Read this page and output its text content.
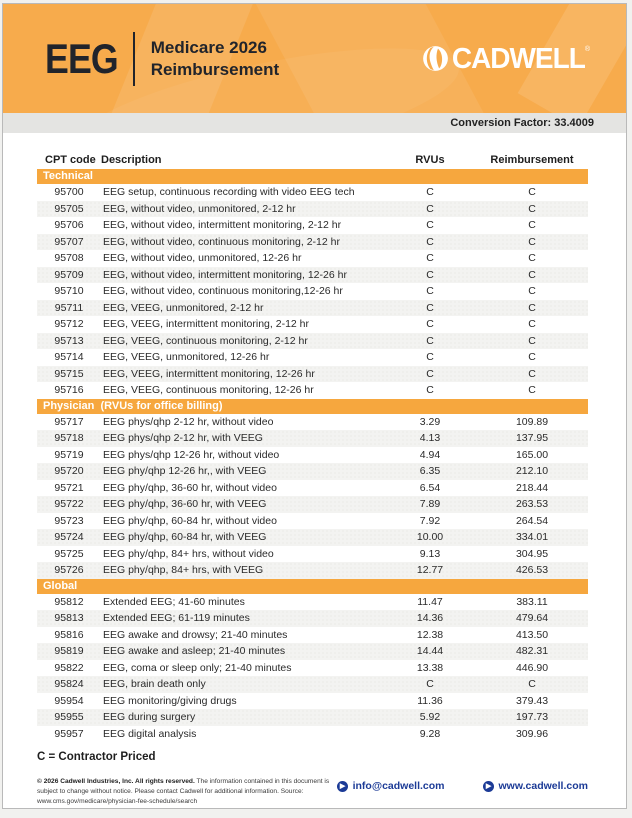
EEG Medicare 2026
Reimbursement	CADWELL ®
Conversion Factor: 33.4009
CPT code Description	RVUs	Reimbursement
Technical
95700	EEG setup, continuous recording with video EEG tech	C	C
95705	EEG, without video, unmonitored, 2-12 hr	C	C
95706	EEG, without video, intermittent monitoring, 2-12 hr	C	C
95707	EEG, without video, continuous monitoring, 2-12 hr	C	C
95708	EEG, without video, unmonitored, 12-26 hr	C	C
95709	EEG, without video, intermittent monitoring, 12-26 hr	C	C
95710	EEG, without video, continuous monitoring,12-26 hr	C	C
95711	EEG, VEEG, unmonitored, 2-12 hr	C	C
95712	EEG, VEEG, intermittent monitoring, 2-12 hr	C	C
95713	EEG, VEEG, continuous monitoring, 2-12 hr	C	C
95714	EEG, VEEG, unmonitored, 12-26 hr	C	C
95715	EEG, VEEG, intermittent monitoring, 12-26 hr	C	C
95716	EEG, VEEG, continuous monitoring, 12-26 hr	C	C
Physician  (RVUs for office billing)
95717	EEG phys/qhp 2-12 hr, without video	3.29	109.89
95718	EEG phys/qhp 2-12 hr, with VEEG	4.13	137.95
95719	EEG phys/qhp 12-26 hr, without video	4.94	165.00
95720	EEG phy/qhp 12-26 hr,, with VEEG	6.35	212.10
95721	EEG phy/qhp, 36-60 hr, without video	6.54	218.44
95722	EEG phy/qhp, 36-60 hr, with VEEG	7.89	263.53
95723	EEG phy/qhp, 60-84 hr, without video	7.92	264.54
95724	EEG phy/qhp, 60-84 hr, with VEEG	10.00	334.01
95725	EEG phy/qhp, 84+ hrs, without video	9.13	304.95
95726	EEG phy/qhp, 84+ hrs, with VEEG	12.77	426.53
Global
95812	Extended EEG; 41-60 minutes	11.47	383.11
95813	Extended EEG; 61-119 minutes	14.36	479.64
95816	EEG awake and drowsy; 21-40 minutes	12.38	413.50
95819	EEG awake and asleep; 21-40 minutes	14.44	482.31
95822	EEG, coma or sleep only; 21-40 minutes	13.38	446.90
95824	EEG, brain death only	C	C
95954	EEG monitoring/giving drugs	11.36	379.43
95955	EEG during surgery	5.92	197.73
95957	EEG digital analysis	9.28	309.96
C = Contractor Priced
© 2026 Cadwell Industries, Inc. All rights reserved. The information contained in this document is subject to change without notice. Please contact Cadwell for additional information. Source: www.cms.gov/medicare/physician-fee-schedule/search
▶ info@cadwell.com	▶ www.cadwell.com
